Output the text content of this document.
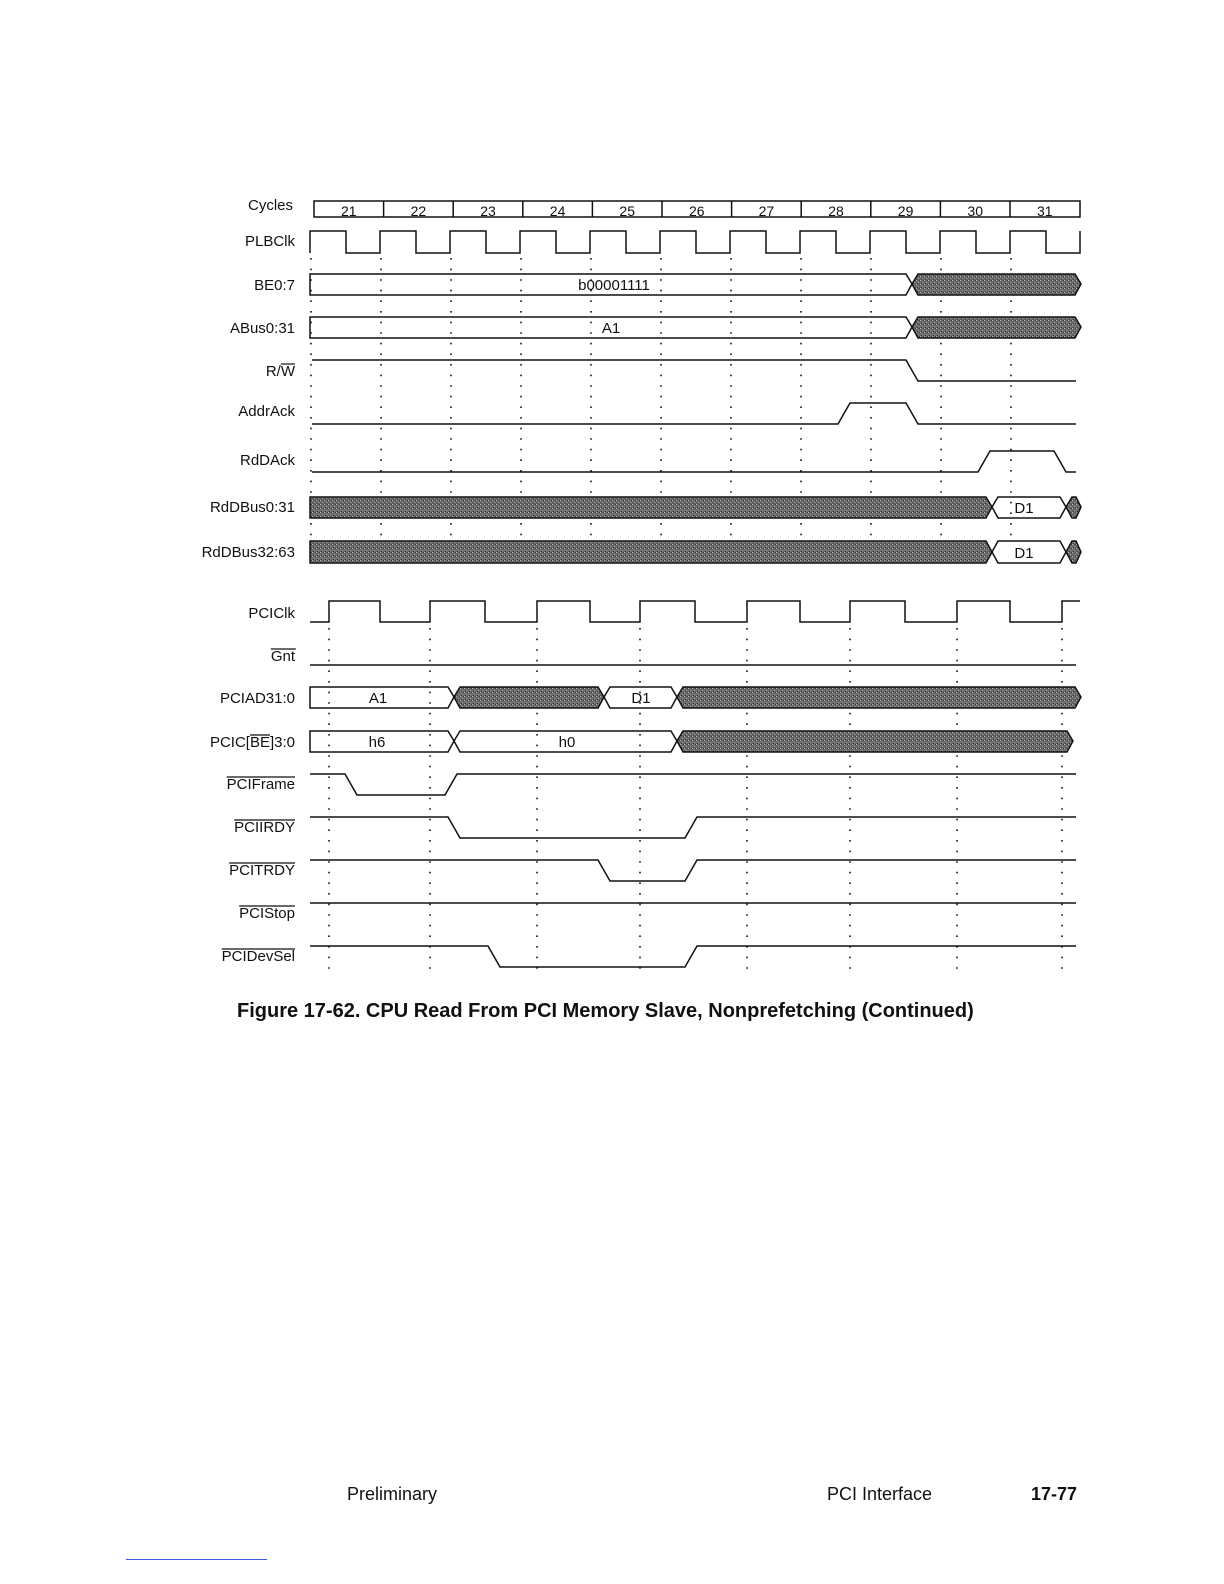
Cycles
PLBClk
BE0:7
ABus0:31
R/W
AddrAck
RdDAck
RdDBus0:31
RdDBus32:63
PCIClk
Gnt
PCIAD31:0
PCIC[BE]3:0
PCIFrame
PCIIRDY
PCITRDY
PCIStop
PCIDevSel
21	22	23	24	25	26	27	28	29	30	31
b00001111
A1
D1
D1
A1	D1
h6	h0
Figure 17-62. CPU Read From PCI Memory Slave, Nonprefetching (Continued)
Preliminary	PCI Interface	17-77
